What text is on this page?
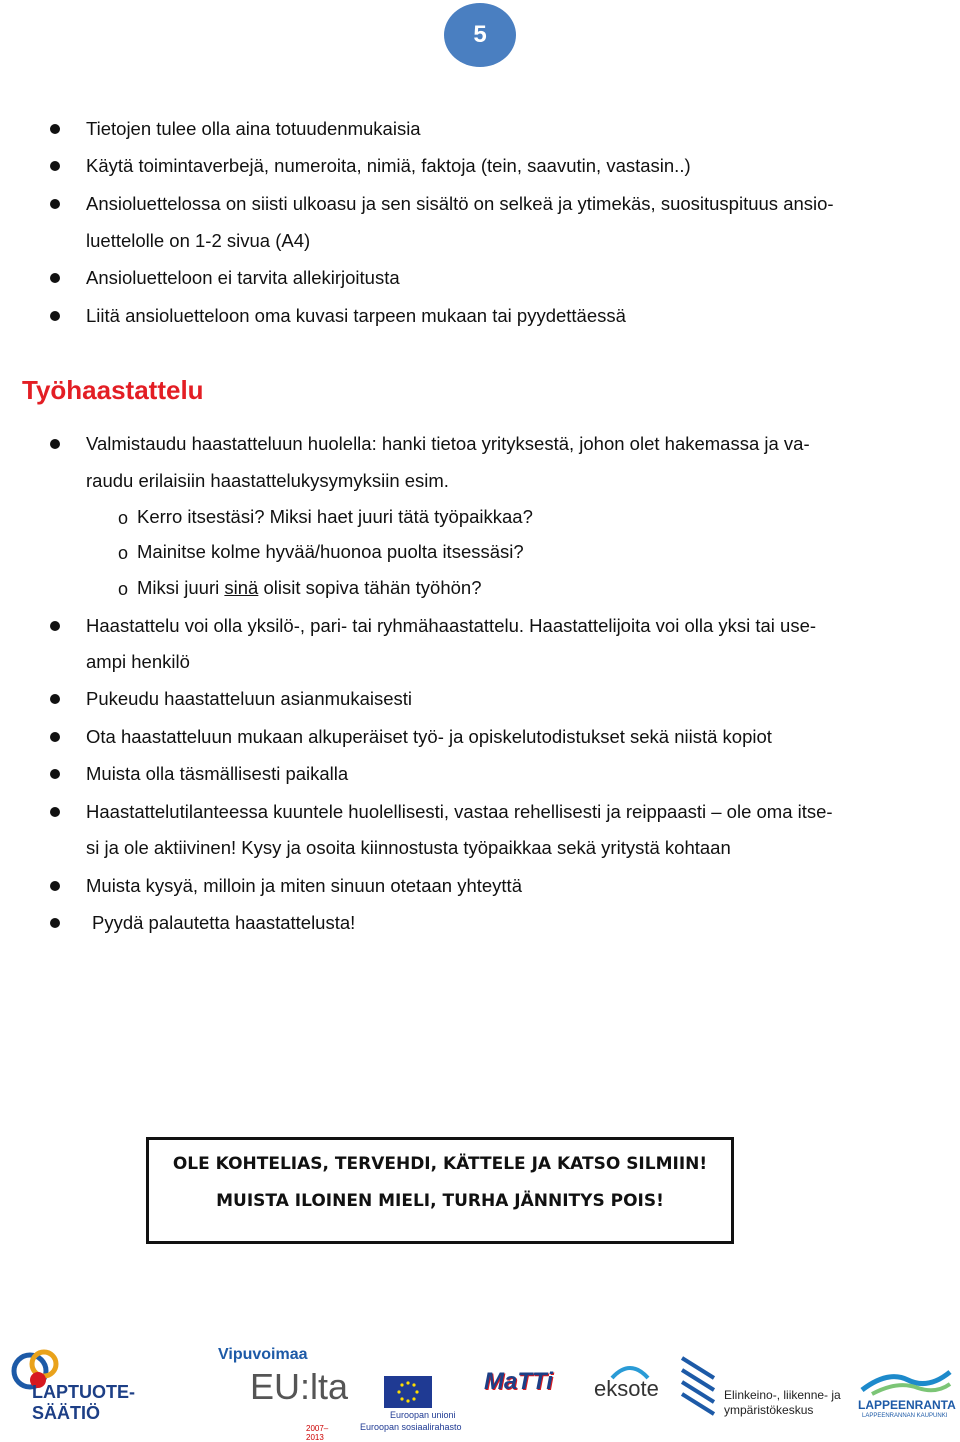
5
Tietojen tulee olla aina totuudenmukaisia
Käytä toimintaverbejä, numeroita, nimiä, faktoja (tein, saavutin, vastasin..)
Ansioluettelossa on siisti ulkoasu ja sen sisältö on selkeä ja ytimekäs, suosituspituus ansio-
luettelolle on 1-2 sivua (A4)
Ansioluetteloon ei tarvita allekirjoitusta
Liitä ansioluetteloon oma kuvasi tarpeen mukaan tai pyydettäessä
Työhaastattelu
Valmistaudu haastatteluun huolella: hanki tietoa yrityksestä, johon olet hakemassa ja va-
raudu erilaisiin haastattelukysymyksiin esim.
o Kerro itsestäsi? Miksi haet juuri tätä työpaikkaa?
o Mainitse kolme hyvää/huonoa puolta itsessäsi?
o Miksi juuri sinä olisit sopiva tähän työhön?
Haastattelu voi olla yksilö-, pari- tai ryhmähaastattelu. Haastattelijoita voi olla yksi tai use-
ampi henkilö
Pukeudu haastatteluun asianmukaisesti
Ota haastatteluun mukaan alkuperäiset työ- ja opiskelutodistukset sekä niistä kopiot
Muista olla täsmällisesti paikalla
Haastattelutilanteessa kuuntele huolellisesti, vastaa rehellisesti ja reippaasti – ole oma itse-
si ja ole aktiivinen! Kysy ja osoita kiinnostusta työpaikkaa sekä yritystä kohtaan
Muista kysyä, milloin ja miten sinuun otetaan yhteyttä
Pyydä palautetta haastattelusta!
OLE KOHTELIAS, TERVEHDI, KÄTTELE JA KATSO SILMIIN!
MUISTA ILOINEN MIELI, TURHA JÄNNITYS POIS!
LAPTUOTE-SÄÄTIÖ
Vipuvoimaa
EU:lta
2007–2013
Euroopan unioni
Euroopan sosiaalirahasto
MaTTi eksote	Elinkeino-, liikenne- ja
ympäristökeskus	LAPPEENRANTA
LAPPEENRANNAN KAUPUNKI
